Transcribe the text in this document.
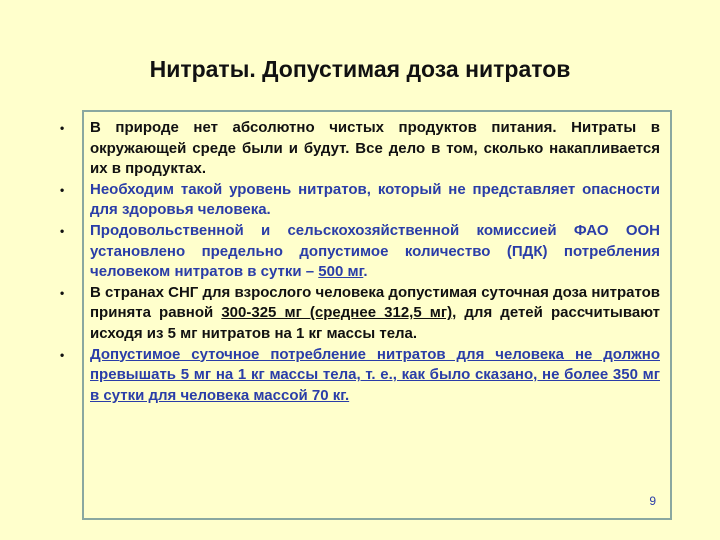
Нитраты. Допустимая доза нитратов
• В природе нет абсолютно чистых продуктов питания. Нитраты в окружающей среде были и будут. Все дело в том, сколько накапливается их в продуктах.
• Необходим такой уровень нитратов, который не представляет опасности для здоровья человека.
• Продовольственной и сельскохозяйственной комиссией ФАО ООН установлено предельно допустимое количество (ПДК) потребления человеком нитратов в сутки – 500 мг.
• В странах СНГ для взрослого человека допустимая суточная доза нитратов принята равной 300-325 мг (среднее 312,5 мг), для детей рассчитывают исходя из 5 мг нитратов на 1 кг массы тела.
• Допустимое суточное потребление нитратов для человека не должно превышать 5 мг на 1 кг массы тела, т. е., как было сказано, не более 350 мг в сутки для человека массой 70 кг.
9
